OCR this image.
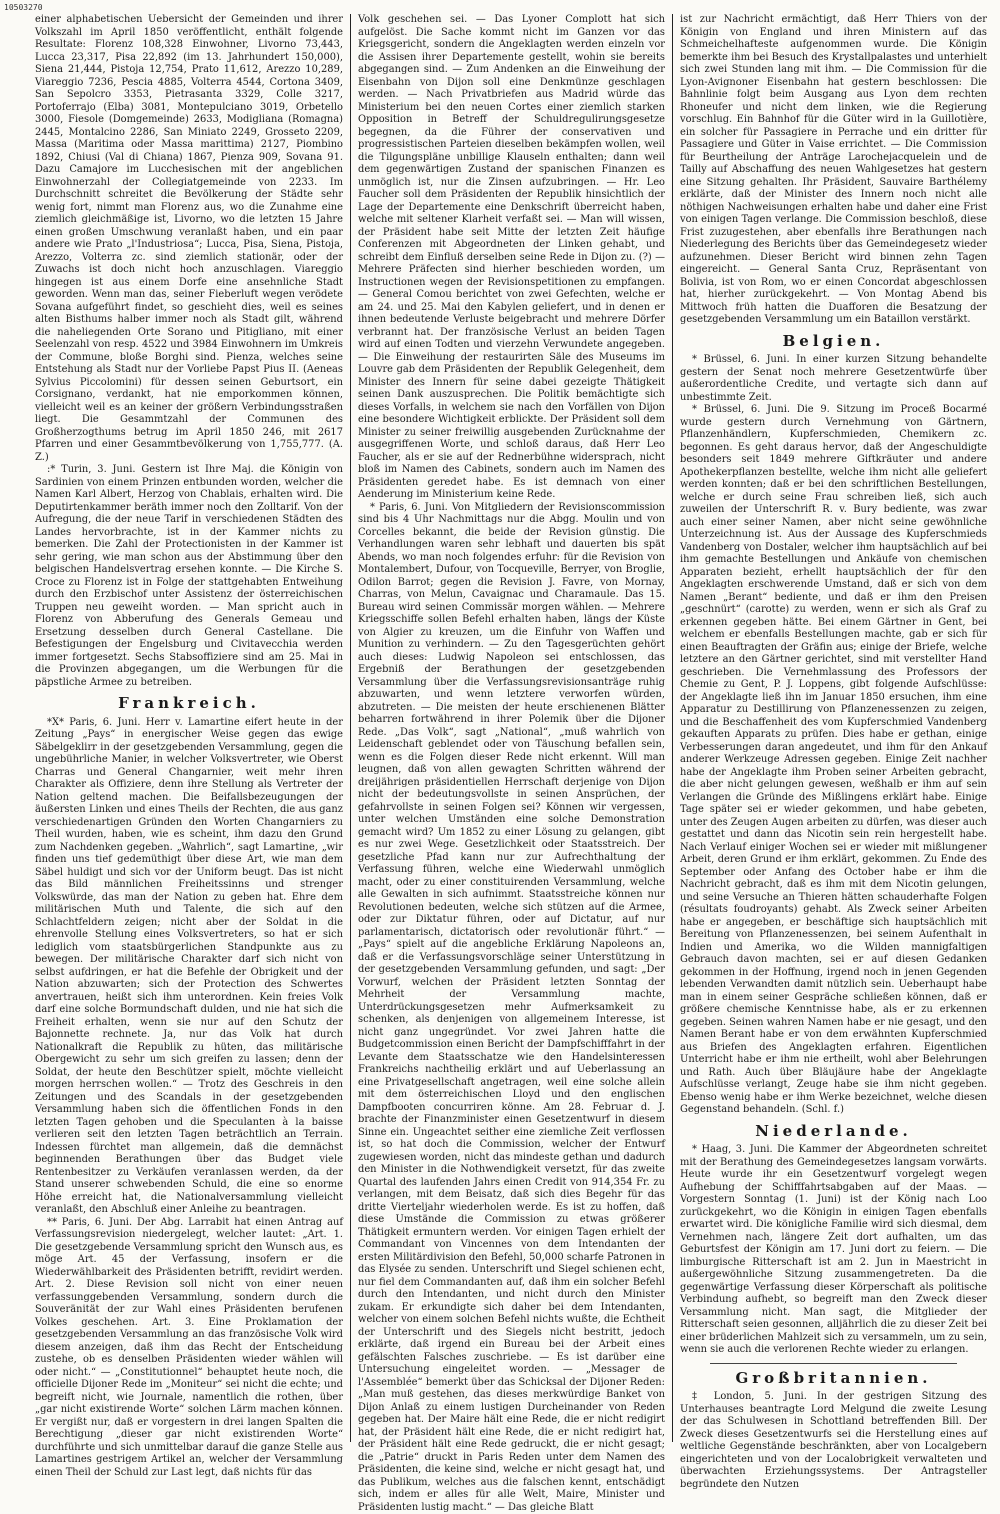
10503270

einer alphabetischen Uebersicht der Gemeinden und ihrer Volkszahl im April 1850 veröffentlicht, enthält folgende Resultate: Florenz 108,328 Einwohner, Livorno 73,443, Lucca 23,317, Pisa 22,892 (im 13. Jahrhundert 150,000), Siena 21,444, Pistoja 12,754, Prato 11,612, Arezzo 10,289, Viareggio 7236, Pescia 4885, Volterra 4544, Cortona 3409, San Sepolcro 3353, Pietrasanta 3329, Colle 3217, Portoferrajo (Elba) 3081, Montepulciano 3019, Orbetello 3000, Fiesole (Domgemeinde) 2633, Modigliana (Romagna) 2445, Montalcino 2286, San Miniato 2249, Grosseto 2209, Massa (Maritima oder Massa marittima) 2127, Piombino 1892, Chiusi (Val di Chiana) 1867, Pienza 909, Sovana 91. Dazu Camajore im Lucchesischen mit der angeblichen Einwohnerzahl der Collegiatgemeinde von 2233. Im Durchschnitt schreitet die Bevölkerung der Städte sehr wenig fort, nimmt man Florenz aus, wo die Zunahme eine ziemlich gleichmäßige ist, Livorno, wo die letzten 15 Jahre einen großen Umschwung veranlaßt haben, und ein paar andere wie Prato „l'Industriosa“; Lucca, Pisa, Siena, Pistoja, Arezzo, Volterra zc. sind ziemlich stationär, oder der Zuwachs ist doch nicht hoch anzuschlagen. Viareggio hingegen ist aus einem Dorfe eine ansehnliche Stadt geworden. Wenn man das, seiner Fieberluft wegen verödete Sovana aufgeführt findet, so geschieht dies, weil es seines alten Bisthums halber immer noch als Stadt gilt, während die naheliegenden Orte Sorano und Pitigliano, mit einer Seelenzahl von resp. 4522 und 3984 Einwohnern im Umkreis der Commune, bloße Borghi sind. Pienza, welches seine Entstehung als Stadt nur der Vorliebe Papst Pius II. (Aeneas Sylvius Piccolomini) für dessen seinen Geburtsort, ein Corsignano, verdankt, hat nie emporkommen können, vielleicht weil es an keiner der größern Verbindungsstraßen liegt. Die Gesammtzahl der Communen des Großherzogthums betrug im April 1850 246, mit 2617 Pfarren und einer Gesammtbevölkerung von 1,755,777. (A. Z.)

:* Turin, 3. Juni. Gestern ist Ihre Maj. die Königin von Sardinien von einem Prinzen entbunden worden, welcher die Namen Karl Albert, Herzog von Chablais, erhalten wird. Die Deputirtenkammer beräth immer noch den Zolltarif. Von der Aufregung, die der neue Tarif in verschiedenen Städten des Landes hervorbrachte, ist in der Kammer nichts zu bemerken. Die Zahl der Protectionisten in der Kammer ist sehr gering, wie man schon aus der Abstimmung über den belgischen Handelsvertrag ersehen konnte. — Die Kirche S. Croce zu Florenz ist in Folge der stattgehabten Entweihung durch den Erzbischof unter Assistenz der österreichischen Truppen neu geweiht worden. — Man spricht auch in Florenz von Abberufung des Generals Gemeau und Ersetzung desselben durch General Castellane. Die Befestigungen der Engelsburg und Civitavecchia werden immer fortgesetzt. Sechs Stabsoffiziere sind am 25. Mai in die Provinzen abgegangen, um die Werbungen für die päpstliche Armee zu betreiben.

Frankreich.

*X* Paris, 6. Juni. Herr v. Lamartine eifert heute in der Zeitung „Pays“ in energischer Weise gegen das ewige Säbelgeklirr in der gesetzgebenden Versammlung, gegen die ungebührliche Manier, in welcher Volksvertreter, wie Oberst Charras und General Changarnier, weit mehr ihren Charakter als Offiziere, denn ihre Stellung als Vertreter der Nation geltend machen. Die Beifallsbezeugungen der äußersten Linken und eines Theils der Rechten, die aus ganz verschiedenartigen Gründen den Worten Changarniers zu Theil wurden, haben, wie es scheint, ihm dazu den Grund zum Nachdenken gegeben. „Wahrlich“, sagt Lamartine, „wir finden uns tief gedemüthigt über diese Art, wie man dem Säbel huldigt und sich vor der Uniform beugt. Das ist nicht das Bild männlichen Freiheitssinns und strenger Volkswürde, das man der Nation zu geben hat. Ehre dem militärischen Muth und Talente, die sich auf den Schlachtfeldern zeigen; nicht aber der Soldat in die ehrenvolle Stellung eines Volksvertreters, so hat er sich lediglich vom staatsbürgerlichen Standpunkte aus zu bewegen. Der militärische Charakter darf sich nicht von selbst aufdringen, er hat die Befehle der Obrigkeit und der Nation abzuwarten; sich der Protection des Schwertes anvertrauen, heißt sich ihm unterordnen. Kein freies Volk darf eine solche Bormundschaft dulden, und nie hat sich die Freiheit erhalten, wenn sie nur auf den Schutz der Bajonnette rechnete. Ja, nur das Volk hat durch Nationalkraft die Republik zu hüten, das militärische Obergewicht zu sehr um sich greifen zu lassen; denn der Soldat, der heute den Beschützer spielt, möchte vielleicht morgen herrschen wollen.“ — Trotz des Geschreis in den Zeitungen und des Scandals in der gesetzgebenden Versammlung haben sich die öffentlichen Fonds in den letzten Tagen gehoben und die Speculanten à la baisse verlieren seit den letzten Tagen beträchtlich an Terrain. Indessen fürchtet man allgemein, daß die demnächst beginnenden Berathungen über das Budget viele Rentenbesitzer zu Verkäufen veranlassen werden, da der Stand unserer schwebenden Schuld, die eine so enorme Höhe erreicht hat, die Nationalversammlung vielleicht veranlaßt, den Abschluß einer Anleihe zu beantragen.

** Paris, 6. Juni. Der Abg. Larrabit hat einen Antrag auf Verfassungsrevision niedergelegt, welcher lautet: „Art. 1. Die gesetzgebende Versammlung spricht den Wunsch aus, es möge Art. 45 der Verfassung, insofern er die Wiederwählbarkeit des Präsidenten betrifft, revidirt werden. Art. 2. Diese Revision soll nicht von einer neuen verfassunggebenden Versammlung, sondern durch die Souveränität der zur Wahl eines Präsidenten berufenen Volkes geschehen. Art. 3. Eine Proklamation der gesetzgebenden Versammlung an das französische Volk wird diesem anzeigen, daß ihm das Recht der Entscheidung zustehe, ob es denselben Präsidenten wieder wählen will oder nicht.“ — „Constitutionnel“ behauptet heute noch, die officielle Dijoner Rede im „Moniteur“ sei nicht die echte; und begreift nicht, wie Journale, namentlich die rothen, über „gar nicht existirende Worte“ solchen Lärm machen können. Er vergißt nur, daß er vorgestern in drei langen Spalten die Berechtigung „dieser gar nicht existirenden Worte“ durchführte und sich unmittelbar darauf die ganze Stelle aus Lamartines gestrigem Artikel an, welcher der Versammlung einen Theil der Schuld zur Last legt, daß nichts für das

Volk geschehen sei. — Das Lyoner Complott hat sich aufgelöst. Die Sache kommt nicht im Ganzen vor das Kriegsgericht, sondern die Angeklagten werden einzeln vor die Assisen ihrer Departemente gestellt, wohin sie bereits abgegangen sind. — Zum Andenken an die Einweihung der Eisenbahn von Dijon soll eine Denkmünze geschlagen werden. — Nach Privatbriefen aus Madrid würde das Ministerium bei den neuen Cortes einer ziemlich starken Opposition in Betreff der Schuldregulirungsgesetze begegnen, da die Führer der conservativen und progressistischen Parteien dieselben bekämpfen wollen, weil die Tilgungspläne unbillige Klauseln enthalten; dann weil dem gegenwärtigen Zustand der spanischen Finanzen es unmöglich ist, nur die Zinsen aufzubringen. — Hr. Leo Faucher soll dem Präsidenten der Republik hinsichtlich der Lage der Departemente eine Denkschrift überreicht haben, welche mit seltener Klarheit verfaßt sei. — Man will wissen, der Präsident habe seit Mitte der letzten Zeit häufige Conferenzen mit Abgeordneten der Linken gehabt, und schreibt dem Einfluß derselben seine Rede in Dijon zu. (?) — Mehrere Präfecten sind hierher beschieden worden, um Instructionen wegen der Revisionspetitionen zu empfangen. — General Comou berichtet von zwei Gefechten, welche er am 24. und 25. Mai den Kabylen geliefert, und in denen er ihnen bedeutende Verluste beigebracht und mehrere Dörfer verbrannt hat. Der französische Verlust an beiden Tagen wird auf einen Todten und vierzehn Verwundete angegeben. — Die Einweihung der restaurirten Säle des Museums im Louvre gab dem Präsidenten der Republik Gelegenheit, dem Minister des Innern für seine dabei gezeigte Thätigkeit seinen Dank auszusprechen. Die Politik bemächtigte sich dieses Vorfalls, in welchem sie nach den Vorfällen von Dijon eine besondere Wichtigkeit erblickte. Der Präsident soll dem Minister zu seiner freiwillig ausgebenden Zurücknahme der ausgegriffenen Worte, und schloß daraus, daß Herr Leo Faucher, als er sie auf der Rednerbühne widersprach, nicht bloß im Namen des Cabinets, sondern auch im Namen des Präsidenten geredet habe. Es ist demnach von einer Aenderung im Ministerium keine Rede.

* Paris, 6. Juni. Von Mitgliedern der Revisionscommission sind bis 4 Uhr Nachmittags nur die Abgg. Moulin und von Corcelles bekannt, die beide der Revision günstig. Die Verhandlungen waren sehr lebhaft und dauerten bis spät Abends, wo man noch folgendes erfuhr: für die Revision von Montalembert, Dufour, von Tocqueville, Berryer, von Broglie, Odilon Barrot; gegen die Revision J. Favre, von Mornay, Charras, von Melun, Cavaignac und Charamaule. Das 15. Bureau wird seinen Commissär morgen wählen. — Mehrere Kriegsschiffe sollen Befehl erhalten haben, längs der Küste von Algier zu kreuzen, um die Einfuhr von Waffen und Munition zu verhindern. — Zu den Tagesgerüchten gehört auch dieses: Ludwig Napoleon sei entschlossen, das Ergebniß der Berathungen der gesetzgebenden Versammlung über die Verfassungsrevisionsanträge ruhig abzuwarten, und wenn letztere verworfen würden, abzutreten. — Die meisten der heute erschienenen Blätter beharren fortwährend in ihrer Polemik über die Dijoner Rede. „Das Volk“, sagt „National“, „muß wahrlich von Leidenschaft geblendet oder von Täuschung befallen sein, wenn es die Folgen dieser Rede nicht erkennt. Will man leugnen, daß von allen gewagten Schritten während der dreijährigen präsidentiellen Herrschaft derjenige von Dijon nicht der bedeutungsvollste in seinen Ansprüchen, der gefahrvollste in seinen Folgen sei? Können wir vergessen, unter welchen Umständen eine solche Demonstration gemacht wird? Um 1852 zu einer Lösung zu gelangen, gibt es nur zwei Wege. Gesetzlichkeit oder Staatsstreich. Der gesetzliche Pfad kann nur zur Aufrechthaltung der Verfassung führen, welche eine Wiederwahl unmöglich macht, oder zu einer constituirenden Versammlung, welche alle Gewalten in sich aufnimmt. Staatsstreiche können nur Revolutionen bedeuten, welche sich stützen auf die Armee, oder zur Diktatur führen, oder auf Dictatur, auf nur parlamentarisch, dictatorisch oder revolutionär führt.“ — „Pays“ spielt auf die angebliche Erklärung Napoleons an, daß er die Verfassungsvorschläge seiner Unterstützung in der gesetzgebenden Versammlung gefunden, und sagt: „Der Vorwurf, welchen der Präsident letzten Sonntag der Mehrheit der Versammlung machte, Unterdrückungsgesetzen mehr Aufmerksamkeit zu schenken, als denjenigen von allgemeinem Interesse, ist nicht ganz ungegründet. Vor zwei Jahren hatte die Budgetcommission einen Bericht der Dampfschifffahrt in der Levante dem Staatsschatze wie den Handelsinteressen Frankreichs nachtheilig erklärt und auf Ueberlassung an eine Privatgesellschaft angetragen, weil eine solche allein mit dem österreichischen Lloyd und den englischen Dampfbooten concurriren könne. Am 28. Februar d. J. brachte der Finanzminister einen Gesetzentwurf in diesem Sinne ein. Ungeachtet seither eine ziemliche Zeit verflossen ist, so hat doch die Commission, welcher der Entwurf zugewiesen worden, nicht das mindeste gethan und dadurch den Minister in die Nothwendigkeit versetzt, für das zweite Quartal des laufenden Jahrs einen Credit von 914,354 Fr. zu verlangen, mit dem Beisatz, daß sich dies Begehr für das dritte Vierteljahr wiederholen werde. Es ist zu hoffen, daß diese Umstände die Commission zu etwas größerer Thätigkeit ermuntern werden. Vor einigen Tagen erhielt der Commandant von Vincennes von dem Intendanten der ersten Militärdivision den Befehl, 50,000 scharfe Patronen in das Elysée zu senden. Unterschrift und Siegel schienen echt, nur fiel dem Commandanten auf, daß ihm ein solcher Befehl durch den Intendanten, und nicht durch den Minister zukam. Er erkundigte sich daher bei dem Intendanten, welcher von einem solchen Befehl nichts wußte, die Echtheit der Unterschrift und des Siegels nicht bestritt, jedoch erklärte, daß irgend ein Bureau bei der Arbeit eines gefälschten Falsches zuschriebe. — Es ist darüber eine Untersuchung eingeleitet worden. — „Messager de l'Assemblée“ bemerkt über das Schicksal der Dijoner Reden: „Man muß gestehen, das dieses merkwürdige Banket von Dijon Anlaß zu einem lustigen Durcheinander von Reden gegeben hat. Der Maire hält eine Rede, die er nicht redigirt hat, der Präsident hält eine Rede, die er nicht redigirt hat, der Präsident hält eine Rede gedruckt, die er nicht gesagt; die „Patrie“ druckt in Paris Reden unter dem Namen des Präsidenten, die keine sind, welche er nicht gesagt hat, und das Publikum, welches aus die falschen kennt, entschädigt sich, indem er alles für alle Welt, Maire, Minister und Präsidenten lustig macht.“ — Das gleiche Blatt

ist zur Nachricht ermächtigt, daß Herr Thiers von der Königin von England und ihren Ministern auf das Schmeichelhafteste aufgenommen wurde. Die Königin bemerkte ihm bei Besuch des Krystallpalastes und unterhielt sich zwei Stunden lang mit ihm. — Die Commission für die Lyon-Avignoner Eisenbahn hat gestern beschlossen: Die Bahnlinie folgt beim Ausgang aus Lyon dem rechten Rhoneufer und nicht dem linken, wie die Regierung vorschlug. Ein Bahnhof für die Güter wird in la Guillotière, ein solcher für Passagiere in Perrache und ein dritter für Passagiere und Güter in Vaise errichtet. — Die Commission für Beurtheilung der Anträge Larochejacquelein und de Tailly auf Abschaffung des neuen Wahlgesetzes hat gestern eine Sitzung gehalten. Ihr Präsident, Sauvaire Barthélemy erklärte, daß der Minister des Innern noch nicht alle nöthigen Nachweisungen erhalten habe und daher eine Frist von einigen Tagen verlange. Die Commission beschloß, diese Frist zuzugestehen, aber ebenfalls ihre Berathungen nach Niederlegung des Berichts über das Gemeindegesetz wieder aufzunehmen. Dieser Bericht wird binnen zehn Tagen eingereicht. — General Santa Cruz, Repräsentant von Bolivia, ist von Rom, wo er einen Concordat abgeschlossen hat, hierher zurückgekehrt. — Von Montag Abend bis Mittwoch früh hatten die Duafforen die Besatzung der gesetzgebenden Versammlung um ein Bataillon verstärkt.

Belgien.

* Brüssel, 6. Juni. In einer kurzen Sitzung behandelte gestern der Senat noch mehrere Gesetzentwürfe über außerordentliche Credite, und vertagte sich dann auf unbestimmte Zeit.

* Brüssel, 6. Juni. Die 9. Sitzung im Proceß Bocarmé wurde gestern durch Vernehmung von Gärtnern, Pflanzenhändlern, Kupferschmieden, Chemikern zc. begonnen. Es geht daraus hervor, daß der Angeschuldigte besonders seit 1849 mehrere Giftkräuter und andere Apothekerpflanzen bestellte, welche ihm nicht alle geliefert werden konnten; daß er bei den schriftlichen Bestellungen, welche er durch seine Frau schreiben ließ, sich auch zuweilen der Unterschrift R. v. Bury bediente, was zwar auch einer seiner Namen, aber nicht seine gewöhnliche Unterzeichnung ist. Aus der Aussage des Kupferschmieds Vandenberg von Dostaler, welcher ihm hauptsächlich auf bei ihm gemachte Bestellungen und Ankäufe von chemischen Apparaten bezieht, erhellt hauptsächlich der für den Angeklagten erschwerende Umstand, daß er sich von dem Namen „Berant“ bediente, und daß er ihm den Preisen „geschnürt“ (carotte) zu werden, wenn er sich als Graf zu erkennen gegeben hätte. Bei einem Gärtner in Gent, bei welchem er ebenfalls Bestellungen machte, gab er sich für einen Beauftragten der Gräfin aus; einige der Briefe, welche letztere an den Gärtner gerichtet, sind mit verstellter Hand geschrieben. Die Vernehmlassung des Professors der Chemie zu Gent, P. J. Loppens, gibt folgende Aufschlüsse: der Angeklagte ließ ihn im Januar 1850 ersuchen, ihm eine Apparatur zu Destillirung von Pflanzenessenzen zu zeigen, und die Beschaffenheit des vom Kupferschmied Vandenberg gekauften Apparats zu prüfen. Dies habe er gethan, einige Verbesserungen daran angedeutet, und ihm für den Ankauf anderer Werkzeuge Adressen gegeben. Einige Zeit nachher habe der Angeklagte ihm Proben seiner Arbeiten gebracht, die aber nicht gelungen gewesen, weßhalb er ihm auf sein Verlangen die Gründe des Mißlingens erklärt habe. Einige Tage später sei er wieder gekommen, und habe gebeten, unter des Zeugen Augen arbeiten zu dürfen, was dieser auch gestattet und dann das Nicotin sein rein hergestellt habe. Nach Verlauf einiger Wochen sei er wieder mit mißlungener Arbeit, deren Grund er ihm erklärt, gekommen. Zu Ende des September oder Anfang des October habe er ihm die Nachricht gebracht, daß es ihm mit dem Nicotin gelungen, und seine Versuche an Thieren hätten schauderhafte Folgen (résultats foudroyants) gehabt. Als Zweck seiner Arbeiten habe er angegeben, er beschäftige sich hauptsächlich mit Bereitung von Pflanzenessenzen, bei seinem Aufenthalt in Indien und Amerika, wo die Wilden mannigfaltigen Gebrauch davon machten, sei er auf diesen Gedanken gekommen in der Hoffnung, irgend noch in jenen Gegenden lebenden Verwandten damit nützlich sein. Ueberhaupt habe man in einem seiner Gespräche schließen können, daß er größere chemische Kenntnisse habe, als er zu erkennen gegeben. Seinen wahren Namen habe er nie gesagt, und den Namen Berant habe er von dem erwähnten Kupferschmied aus Briefen des Angeklagten erfahren. Eigentlichen Unterricht habe er ihm nie ertheilt, wohl aber Belehrungen und Rath. Auch über Bläujäure habe der Angeklagte Aufschlüsse verlangt, Zeuge habe sie ihm nicht gegeben. Ebenso wenig habe er ihm Werke bezeichnet, welche diesen Gegenstand behandeln. (Schl. f.)

Niederlande.

* Haag, 3. Juni. Die Kammer der Abgeordneten schreitet mit der Berathung des Gemeindegesetzes langsam vorwärts. Heute wurde ihr ein Gesetzentwurf vorgelegt wegen Aufhebung der Schifffahrtsabgaben auf der Maas. — Vorgestern Sonntag (1. Juni) ist der König nach Loo zurückgekehrt, wo die Königin in einigen Tagen ebenfalls erwartet wird. Die königliche Familie wird sich diesmal, dem Vernehmen nach, längere Zeit dort aufhalten, um das Geburtsfest der Königin am 17. Juni dort zu feiern. — Die limburgische Ritterschaft ist am 2. Jun in Maestricht in außergewöhnliche Sitzung zusammengetreten. Da die gegenwärtige Verfassung dieser Körperschaft als politische Verbindung aufhebt, so begreift man den Zweck dieser Versammlung nicht. Man sagt, die Mitglieder der Ritterschaft seien gesonnen, alljährlich die zu dieser Zeit bei einer brüderlichen Mahlzeit sich zu versammeln, um zu sein, wenn sie auch die verlorenen Rechte wieder zu erlangen.

Großbritannien.

‡ London, 5. Juni. In der gestrigen Sitzung des Unterhauses beantragte Lord Melgund die zweite Lesung der das Schulwesen in Schottland betreffenden Bill. Der Zweck dieses Gesetzentwurfs sei die Herstellung eines auf weltliche Gegenstände beschränkten, aber von Localgebern eingerichteten und von der Localobrigkeit verwalteten und überwachten Erziehungssystems. Der Antragsteller begründete den Nutzen
